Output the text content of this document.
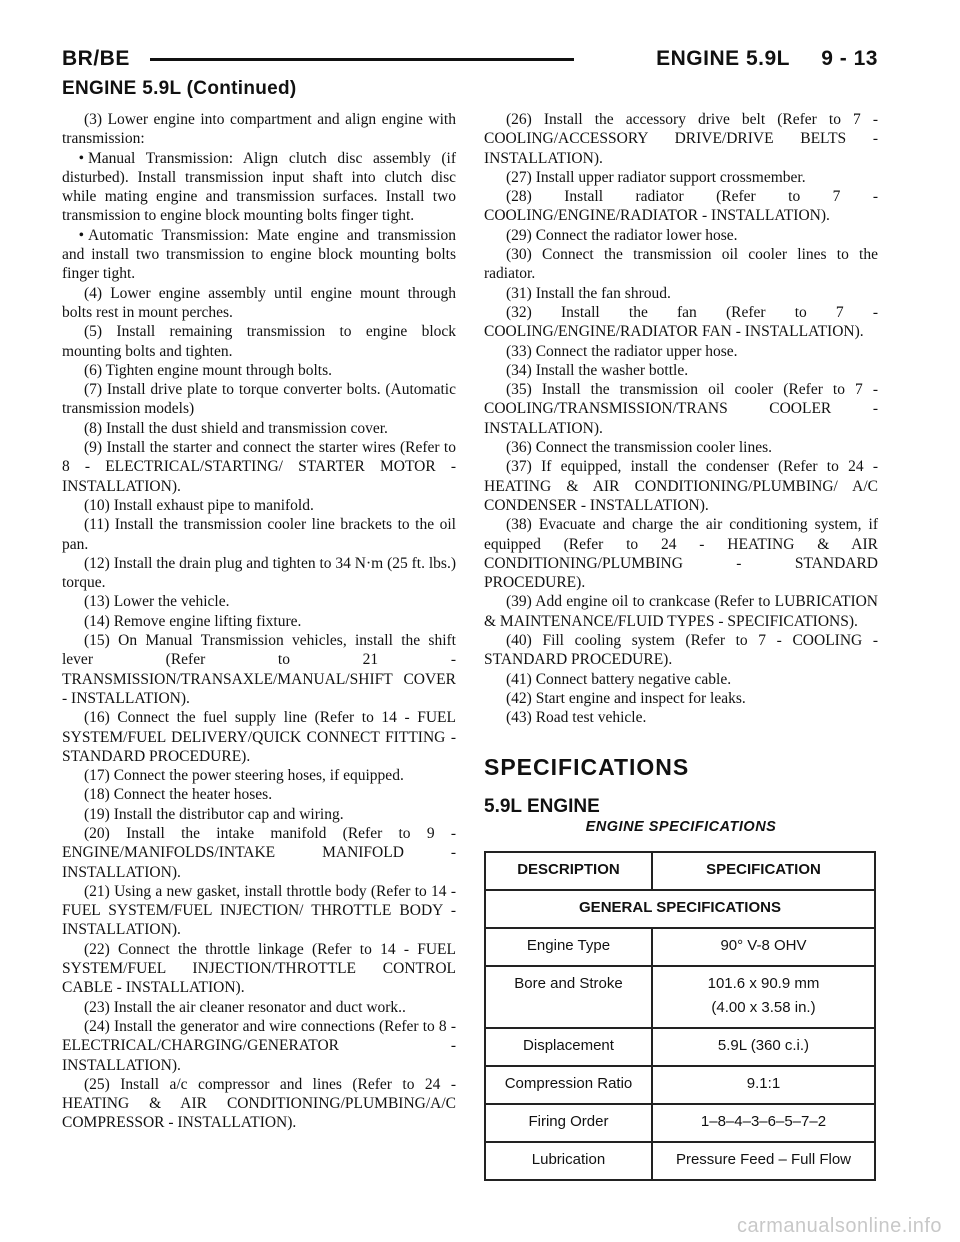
BR/BE	ENGINE 5.9L     9 - 13
ENGINE 5.9L (Continued)

(3) Lower engine into compartment and align engine with transmission:

• Manual Transmission: Align clutch disc assembly (if disturbed). Install transmission input shaft into clutch disc while mating engine and transmission surfaces. Install two transmission to engine block mounting bolts finger tight.

• Automatic Transmission: Mate engine and transmission and install two transmission to engine block mounting bolts finger tight.

(4) Lower engine assembly until engine mount through bolts rest in mount perches.

(5) Install remaining transmission to engine block mounting bolts and tighten.

(6) Tighten engine mount through bolts.

(7) Install drive plate to torque converter bolts. (Automatic transmission models)

(8) Install the dust shield and transmission cover.

(9) Install the starter and connect the starter wires (Refer to 8 - ELECTRICAL/STARTING/ STARTER MOTOR - INSTALLATION).

(10) Install exhaust pipe to manifold.

(11) Install the transmission cooler line brackets to the oil pan.

(12) Install the drain plug and tighten to 34 N·m (25 ft. lbs.) torque.

(13) Lower the vehicle.

(14) Remove engine lifting fixture.

(15) On Manual Transmission vehicles, install the shift lever (Refer to 21 - TRANSMISSION/TRANSAXLE/MANUAL/SHIFT COVER - INSTALLATION).

(16) Connect the fuel supply line (Refer to 14 - FUEL SYSTEM/FUEL DELIVERY/QUICK CONNECT FITTING - STANDARD PROCEDURE).

(17) Connect the power steering hoses, if equipped.

(18) Connect the heater hoses.

(19) Install the distributor cap and wiring.

(20) Install the intake manifold (Refer to 9 - ENGINE/MANIFOLDS/INTAKE MANIFOLD - INSTALLATION).

(21) Using a new gasket, install throttle body (Refer to 14 - FUEL SYSTEM/FUEL INJECTION/ THROTTLE BODY - INSTALLATION).

(22) Connect the throttle linkage (Refer to 14 - FUEL SYSTEM/FUEL INJECTION/THROTTLE CONTROL CABLE - INSTALLATION).

(23) Install the air cleaner resonator and duct work..

(24) Install the generator and wire connections (Refer to 8 - ELECTRICAL/CHARGING/GENERATOR - INSTALLATION).

(25) Install a/c compressor and lines (Refer to 24 - HEATING & AIR CONDITIONING/PLUMBING/A/C COMPRESSOR - INSTALLATION).

(26) Install the accessory drive belt (Refer to 7 - COOLING/ACCESSORY DRIVE/DRIVE BELTS - INSTALLATION).

(27) Install upper radiator support crossmember.

(28) Install radiator (Refer to 7 - COOLING/ENGINE/RADIATOR - INSTALLATION).

(29) Connect the radiator lower hose.

(30) Connect the transmission oil cooler lines to the radiator.

(31) Install the fan shroud.

(32) Install the fan (Refer to 7 - COOLING/ENGINE/RADIATOR FAN - INSTALLATION).

(33) Connect the radiator upper hose.

(34) Install the washer bottle.

(35) Install the transmission oil cooler (Refer to 7 - COOLING/TRANSMISSION/TRANS COOLER - INSTALLATION).

(36) Connect the transmission cooler lines.

(37) If equipped, install the condenser (Refer to 24 - HEATING & AIR CONDITIONING/PLUMBING/ A/C CONDENSER - INSTALLATION).

(38) Evacuate and charge the air conditioning system, if equipped (Refer to 24 - HEATING & AIR CONDITIONING/PLUMBING - STANDARD PROCEDURE).

(39) Add engine oil to crankcase (Refer to LUBRICATION & MAINTENANCE/FLUID TYPES - SPECIFICATIONS).

(40) Fill cooling system (Refer to 7 - COOLING - STANDARD PROCEDURE).

(41) Connect battery negative cable.

(42) Start engine and inspect for leaks.

(43) Road test vehicle.

SPECIFICATIONS
5.9L ENGINE
ENGINE SPECIFICATIONS
DESCRIPTION	SPECIFICATION
GENERAL SPECIFICATIONS	
Engine Type	90° V-8 OHV
Bore and Stroke	101.6 x 90.9 mm
(4.00 x 3.58 in.)

Displacement	5.9L (360 c.i.)
Compression Ratio	9.1:1
Firing Order	1–8–4–3–6–5–7–2
Lubrication	Pressure Feed – Full Flow
carmanualsonline.info
